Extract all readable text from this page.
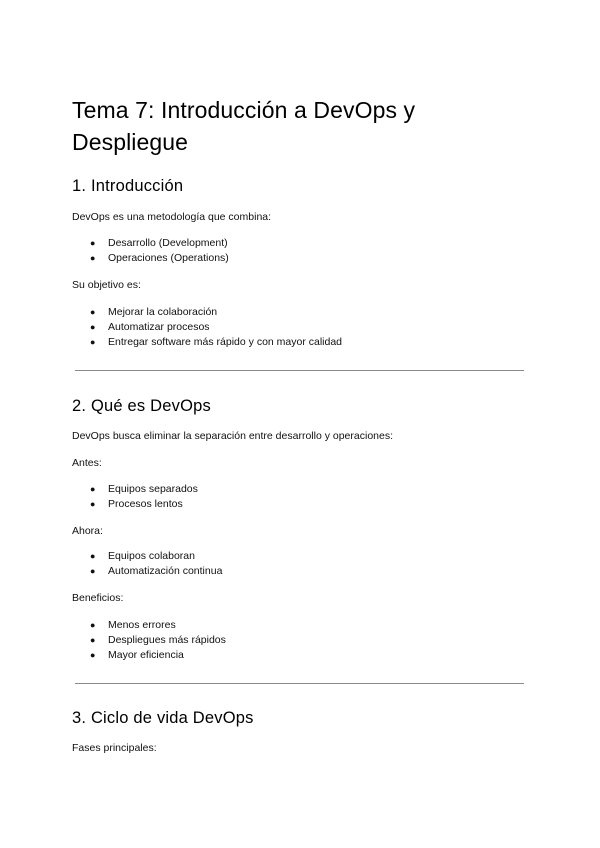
Tema 7: Introducción a DevOps y Despliegue
1. Introducción

DevOps es una metodología que combina:

● Desarrollo (Development)
● Operaciones (Operations)

Su objetivo es:

● Mejorar la colaboración
● Automatizar procesos
● Entregar software más rápido y con mayor calidad
2. Qué es DevOps

DevOps busca eliminar la separación entre desarrollo y operaciones:

Antes:

● Equipos separados
● Procesos lentos

Ahora:

● Equipos colaboran
● Automatización continua

Beneficios:

● Menos errores
● Despliegues más rápidos
● Mayor eficiencia
3. Ciclo de vida DevOps

Fases principales:
